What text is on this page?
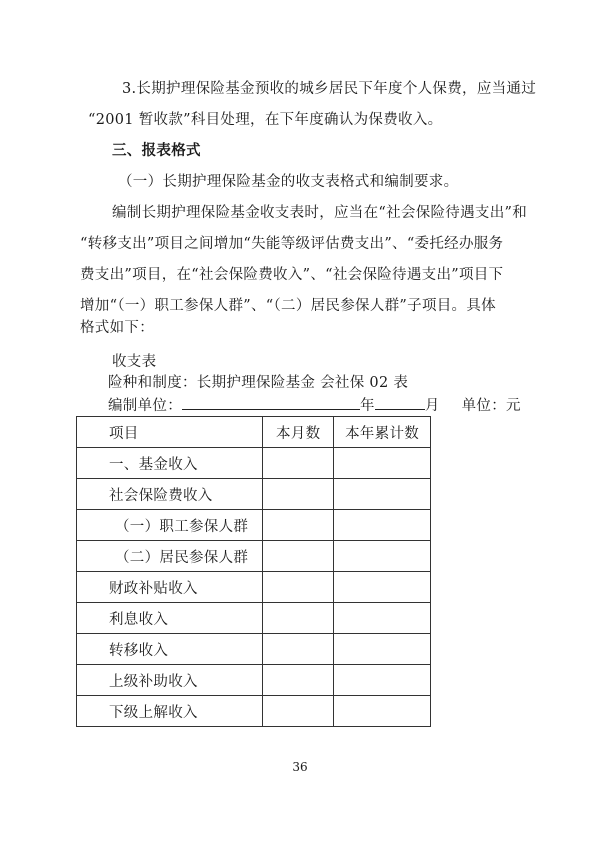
3.长期护理保险基金预收的城乡居民下年度个人保费，应当通过
“2001 暂收款”科目处理，在下年度确认为保费收入。
三、报表格式
（一）长期护理保险基金的收支表格式和编制要求。
编制长期护理保险基金收支表时，应当在“社会保险待遇支出”和
“转移支出”项目之间增加“失能等级评估费支出”、“委托经办服务
费支出”项目，在“社会保险费收入”、“社会保险待遇支出”项目下
增加“（一）职工参保人群”、“（二）居民参保人群”子项目。具体
格式如下：
收支表
险种和制度：长期护理保险基金 会社保 02 表
编制单位：	年	月 单位：元
项目	本月数	本年累计数
一、基金收入		
社会保险费收入		
（一）职工参保人群		
（二）居民参保人群		
财政补贴收入		
利息收入		
转移收入		
上级补助收入		
下级上解收入		
36
